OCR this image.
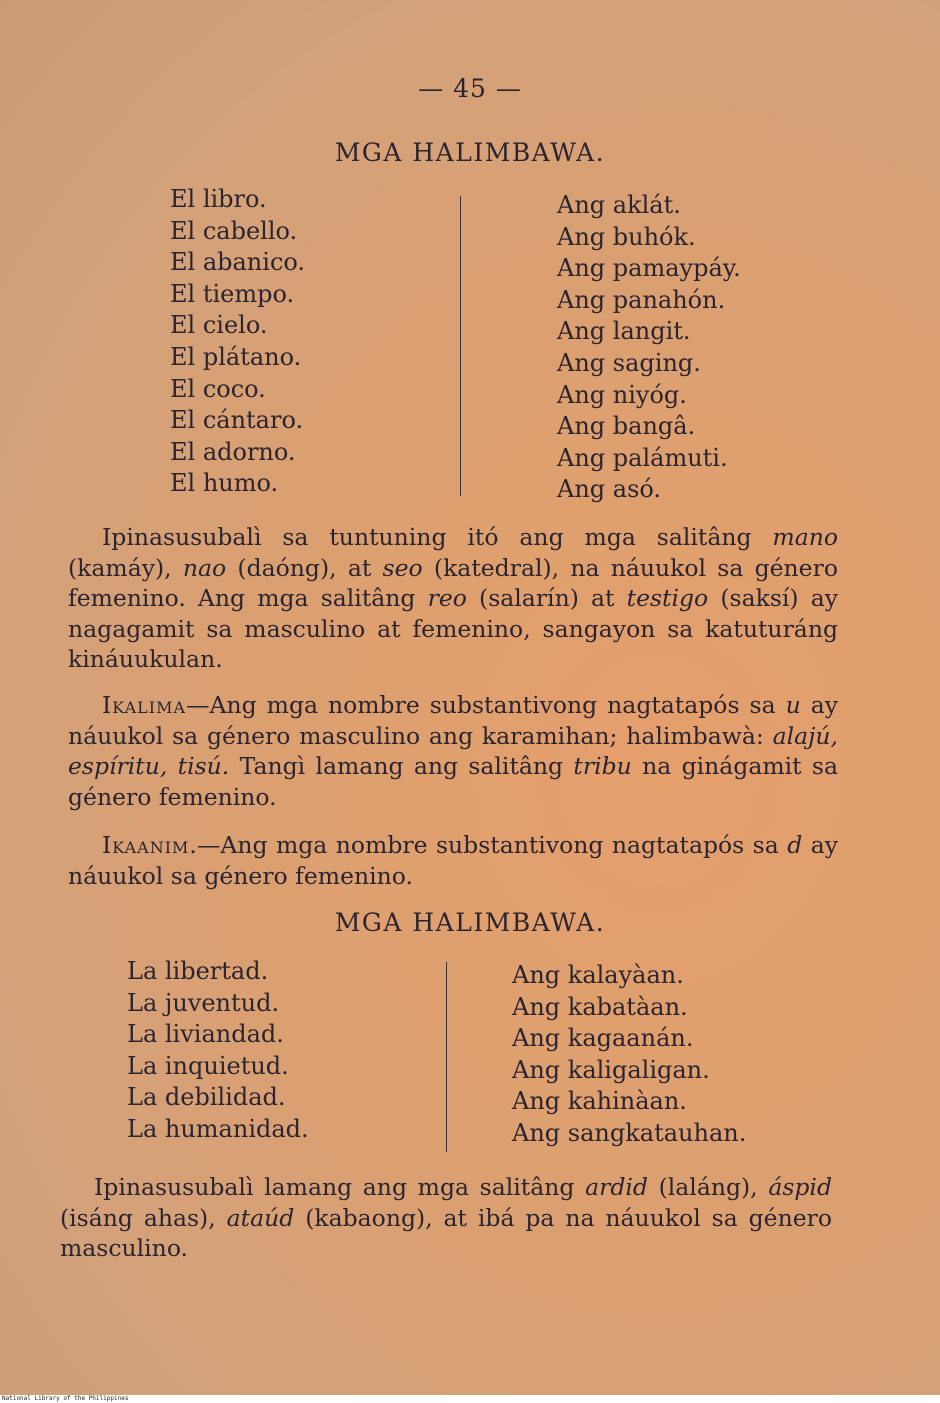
— 45 —
MGA HALIMBAWA.
El libro.
El cabello.
El abanico.
El tiempo.
El cielo.
El plátano.
El coco.
El cántaro.
El adorno.
El humo.
Ang aklát.
Ang buhók.
Ang pamaypáy.
Ang panahón.
Ang langit.
Ang saging.
Ang niyóg.
Ang bangâ.
Ang palámuti.
Ang asó.

Ipinasusubalì sa tuntuning itó ang mga salitâng mano (kamáy), nao (daóng), at seo (katedral), na náuukol sa género femenino. Ang mga salitâng reo (salarín) at testigo (saksí) ay nagagamit sa masculino at femenino, sangayon sa katuturáng kináuukulan.

Ikalima—Ang mga nombre substantivong nagtatapós sa u ay náuukol sa género masculino ang karamihan; halimbawà: alajú, espíritu, tisú. Tangì lamang ang salitâng tribu na ginágamit sa género femenino.

Ikaanim.—Ang mga nombre substantivong nagtatapós sa d ay náuukol sa género femenino.

MGA HALIMBAWA.
La libertad.
La juventud.
La liviandad.
La inquietud.
La debilidad.
La humanidad.
Ang kalayàan.
Ang kabatàan.
Ang kagaanán.
Ang kaligaligan.
Ang kahinàan.
Ang sangkatauhan.

Ipinasusubalì lamang ang mga salitâng ardid (laláng), áspid (isáng ahas), ataúd (kabaong), at ibá pa na náuukol sa género masculino.

National Library of the Philippines
